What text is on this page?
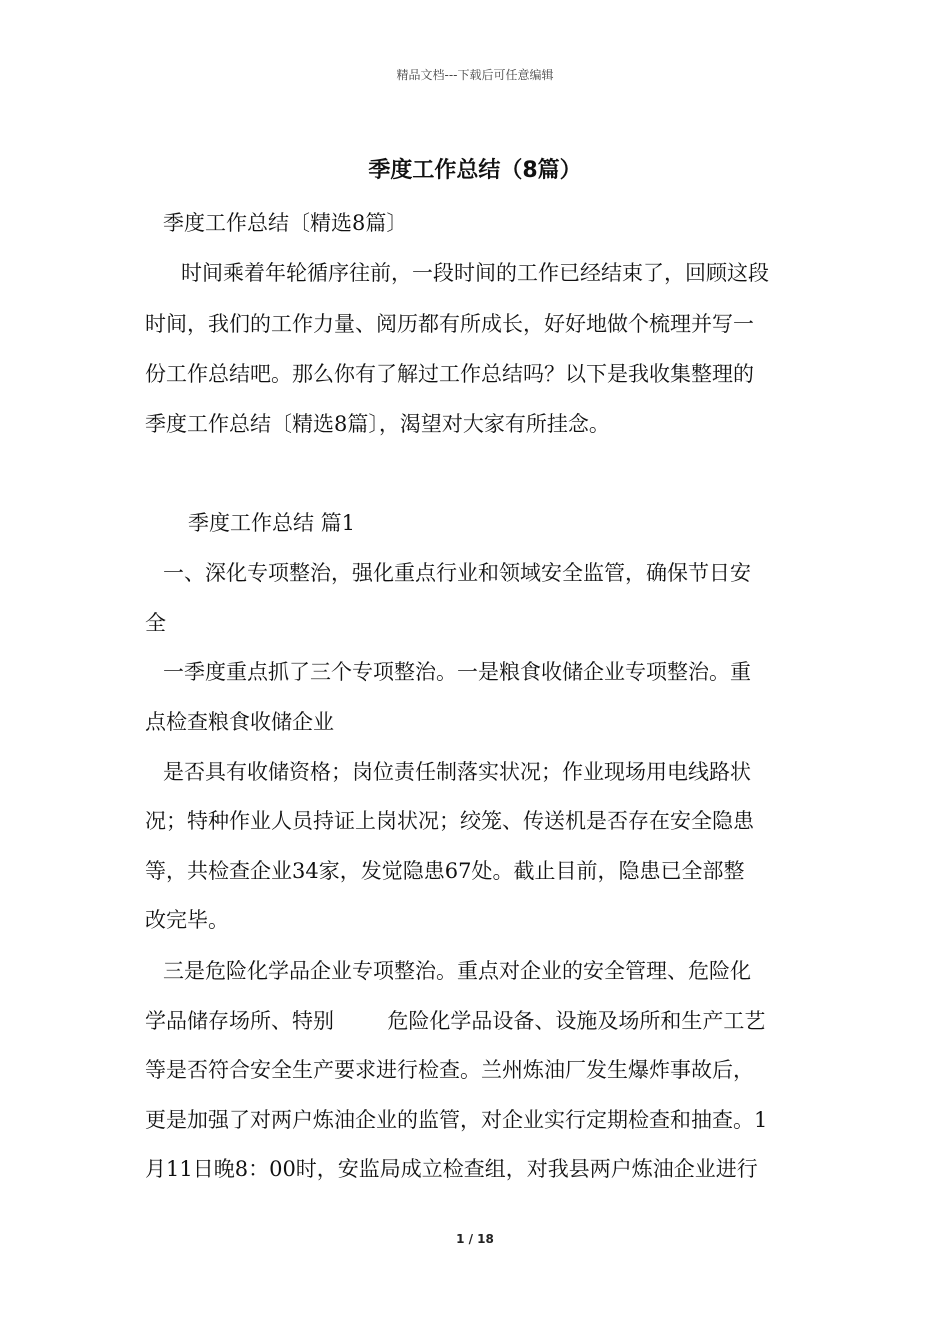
精品文档---下载后可任意编辑
季度工作总结（8篇）
季度工作总结〔精选8篇〕
时间乘着年轮循序往前，一段时间的工作已经结束了，回顾这段
时间，我们的工作力量、阅历都有所成长，好好地做个梳理并写一
份工作总结吧。那么你有了解过工作总结吗？以下是我收集整理的
季度工作总结〔精选8篇〕，渴望对大家有所挂念。
季度工作总结 篇1
一、深化专项整治，强化重点行业和领域安全监管，确保节日安
全
一季度重点抓了三个专项整治。一是粮食收储企业专项整治。重
点检查粮食收储企业
是否具有收储资格；岗位责任制落实状况；作业现场用电线路状
况；特种作业人员持证上岗状况；绞笼、传送机是否存在安全隐患
等，共检查企业34家，发觉隐患67处。截止目前，隐患已全部整
改完毕。
三是危险化学品企业专项整治。重点对企业的安全管理、危险化
学品储存场所、特别        危险化学品设备、设施及场所和生产工艺
等是否符合安全生产要求进行检查。兰州炼油厂发生爆炸事故后，
更是加强了对两户炼油企业的监管，对企业实行定期检查和抽查。1
月11日晚8：00时，安监局成立检查组，对我县两户炼油企业进行
1 / 18
